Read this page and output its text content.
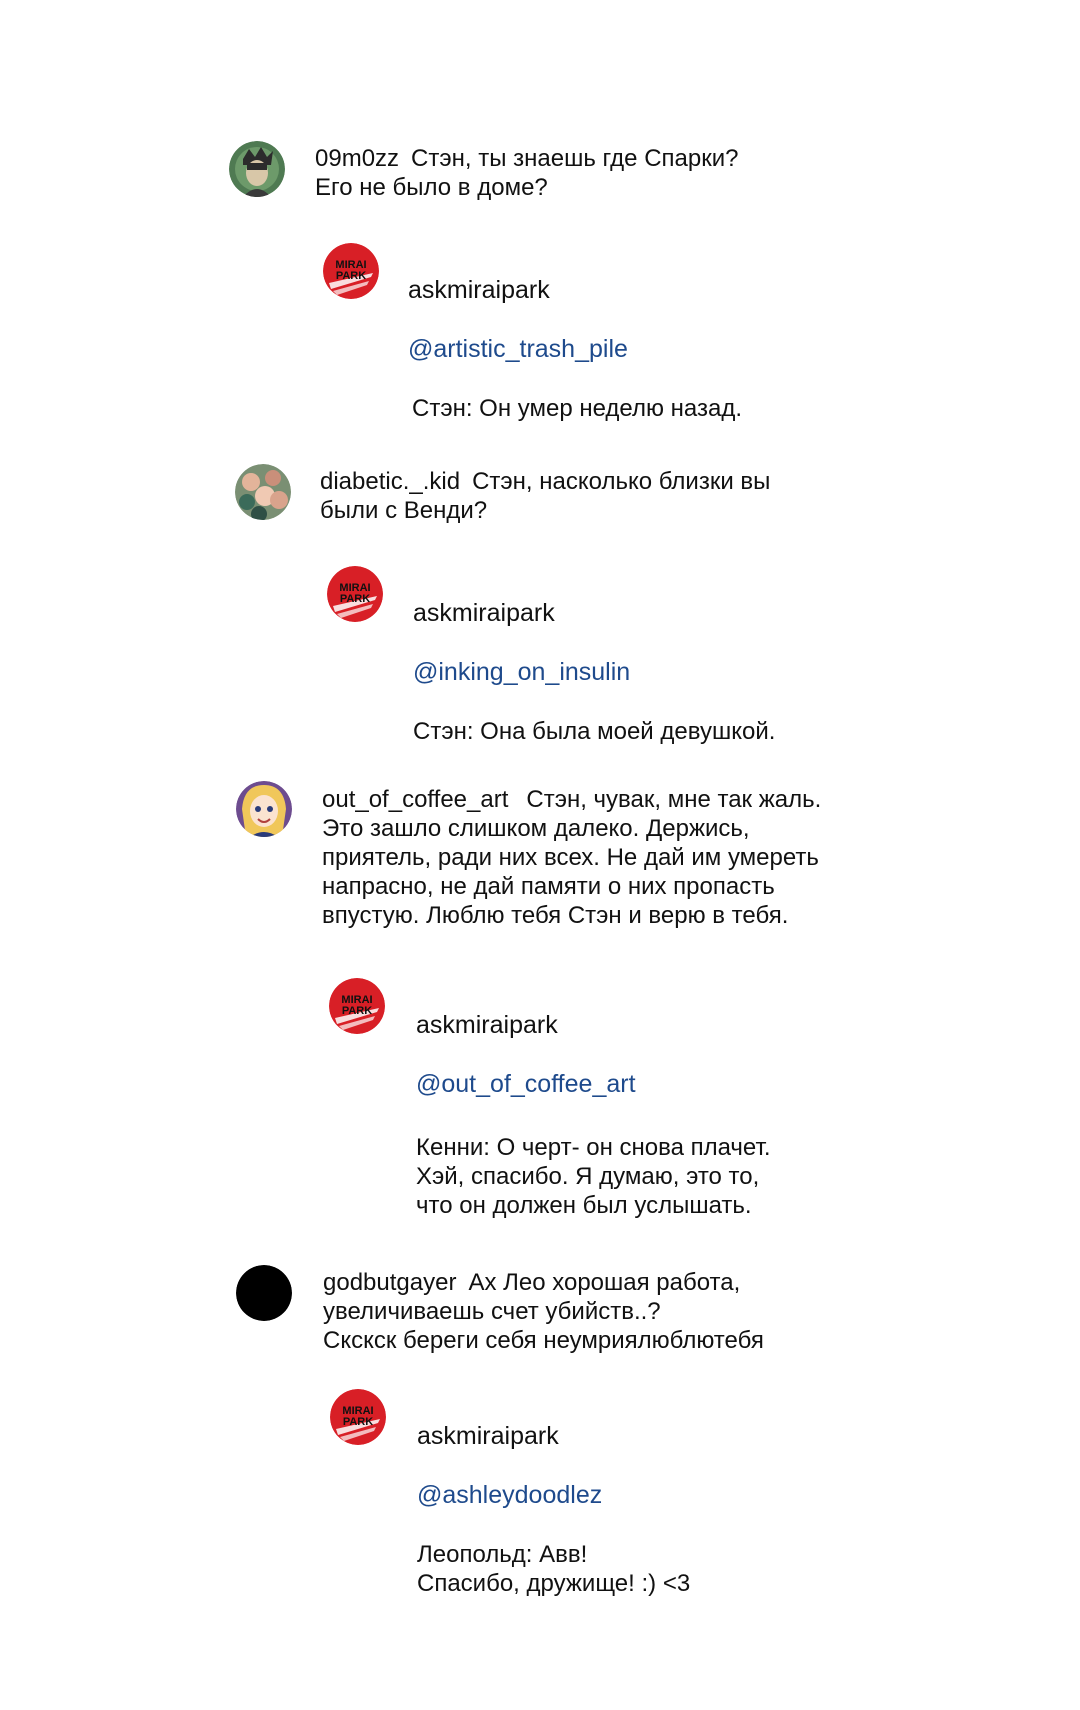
09m0zz Стэн, ты знаешь где Спарки?
Его не было в доме?
MIRAI
PARK askmiraipark

@artistic_trash_pile

Стэн: Он умер неделю назад.

diabetic._.kid Стэн, насколько близки вы
были с Венди?
MIRAI
PARK askmiraipark

@inking_on_insulin

Стэн: Она была моей девушкой.

out_of_coffee_art Стэн, чувак, мне так жаль.
Это зашло слишком далеко. Держись,
приятель, ради них всех. Не дай им умереть
напрасно, не дай памяти о них пропасть
впустую. Люблю тебя Стэн и верю в тебя.
MIRAI
PARK askmiraipark

@out_of_coffee_art

Кенни: О черт- он снова плачет.
Хэй, спасибо. Я думаю, это то,
что он должен был услышать.

godbutgayer Ах Лео хорошая работа,
увеличиваешь счет убийств..?
Скскск береги себя неумриялюблютебя
MIRAI
PARK askmiraipark

@ashleydoodlez

Леопольд: Авв!
Спасибо, дружище! :) <3
